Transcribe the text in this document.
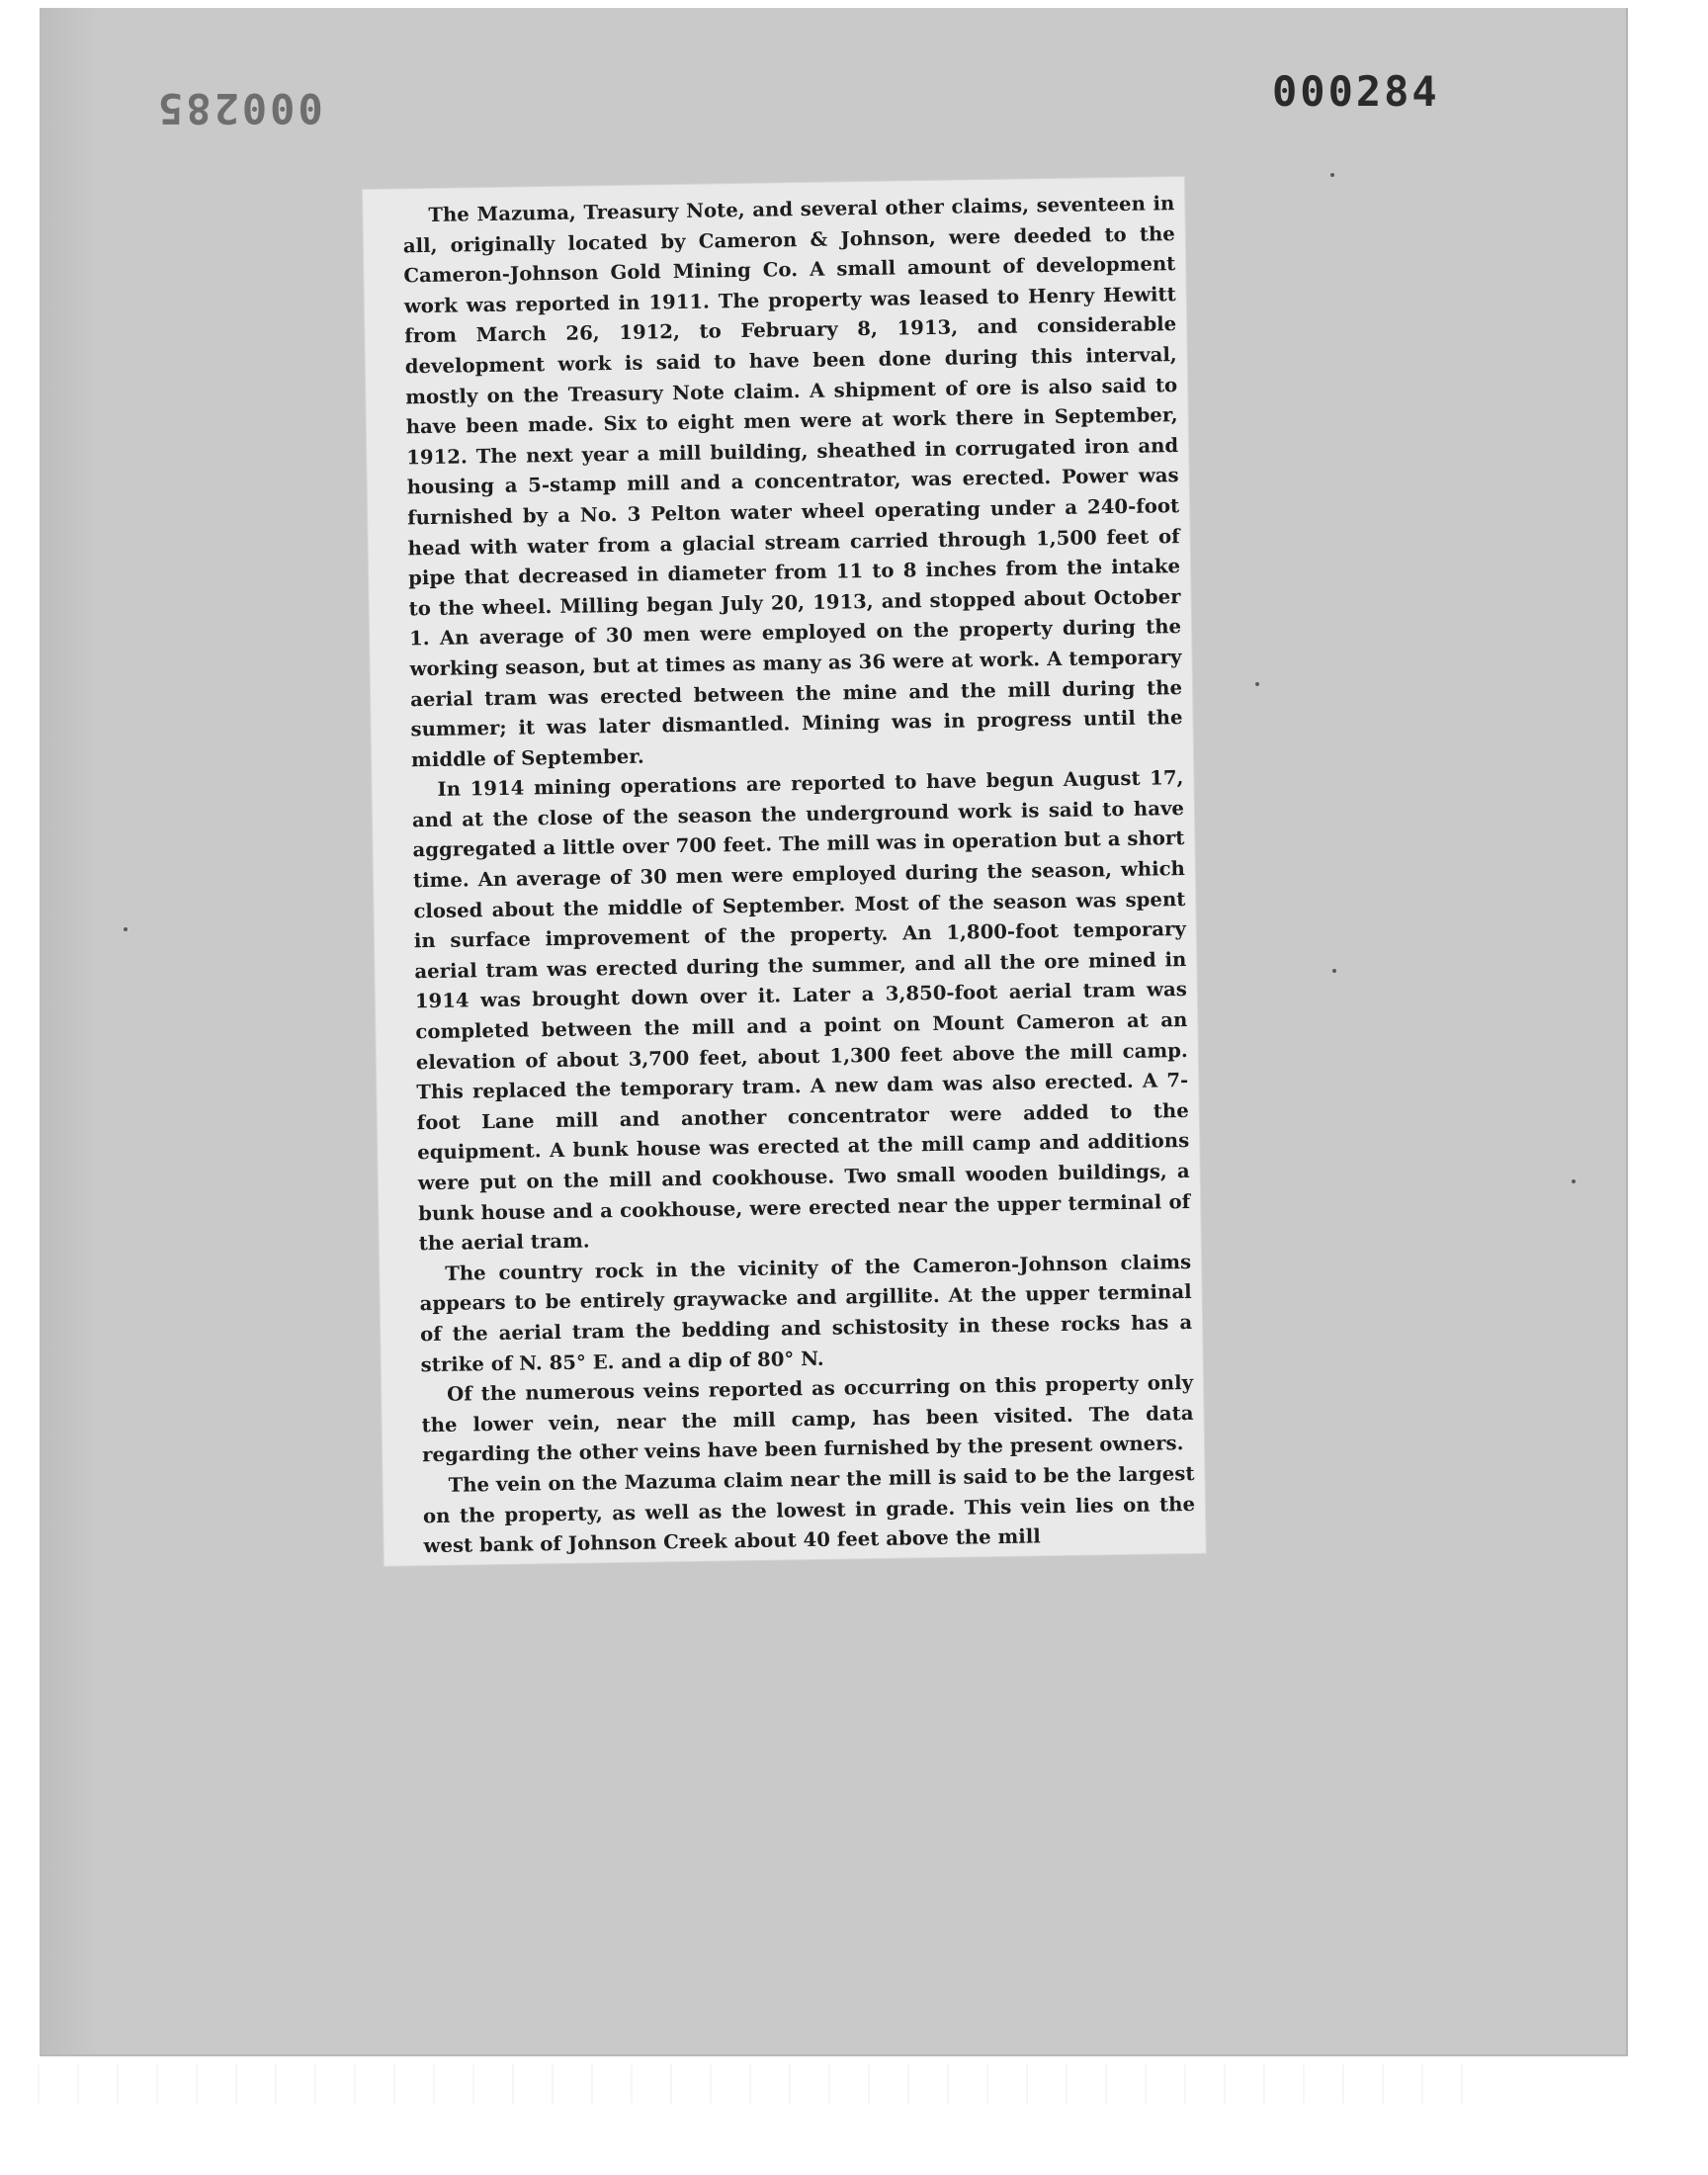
000285	000284

The Mazuma, Treasury Note, and several other claims, seventeen in all, originally located by Cameron & Johnson, were deeded to the Cameron-Johnson Gold Mining Co. A small amount of development work was reported in 1911. The property was leased to Henry Hewitt from March 26, 1912, to February 8, 1913, and considerable development work is said to have been done during this interval, mostly on the Treasury Note claim. A shipment of ore is also said to have been made. Six to eight men were at work there in September, 1912. The next year a mill building, sheathed in corrugated iron and housing a 5-stamp mill and a concentrator, was erected. Power was furnished by a No. 3 Pelton water wheel operating under a 240-foot head with water from a glacial stream carried through 1,500 feet of pipe that decreased in diameter from 11 to 8 inches from the intake to the wheel. Milling began July 20, 1913, and stopped about October 1. An average of 30 men were employed on the property during the working season, but at times as many as 36 were at work. A temporary aerial tram was erected between the mine and the mill during the summer; it was later dismantled. Mining was in progress until the middle of September.

In 1914 mining operations are reported to have begun August 17, and at the close of the season the underground work is said to have aggregated a little over 700 feet. The mill was in operation but a short time. An average of 30 men were employed during the season, which closed about the middle of September. Most of the season was spent in surface improvement of the property. An 1,800-foot temporary aerial tram was erected during the summer, and all the ore mined in 1914 was brought down over it. Later a 3,850-foot aerial tram was completed between the mill and a point on Mount Cameron at an elevation of about 3,700 feet, about 1,300 feet above the mill camp. This replaced the temporary tram. A new dam was also erected. A 7-foot Lane mill and another concentrator were added to the equipment. A bunk house was erected at the mill camp and additions were put on the mill and cookhouse. Two small wooden buildings, a bunk house and a cookhouse, were erected near the upper terminal of the aerial tram.

The country rock in the vicinity of the Cameron-Johnson claims appears to be entirely graywacke and argillite. At the upper terminal of the aerial tram the bedding and schistosity in these rocks has a strike of N. 85° E. and a dip of 80° N.

Of the numerous veins reported as occurring on this property only the lower vein, near the mill camp, has been visited. The data regarding the other veins have been furnished by the present owners.

The vein on the Mazuma claim near the mill is said to be the largest on the property, as well as the lowest in grade. This vein lies on the west bank of Johnson Creek about 40 feet above the mill
